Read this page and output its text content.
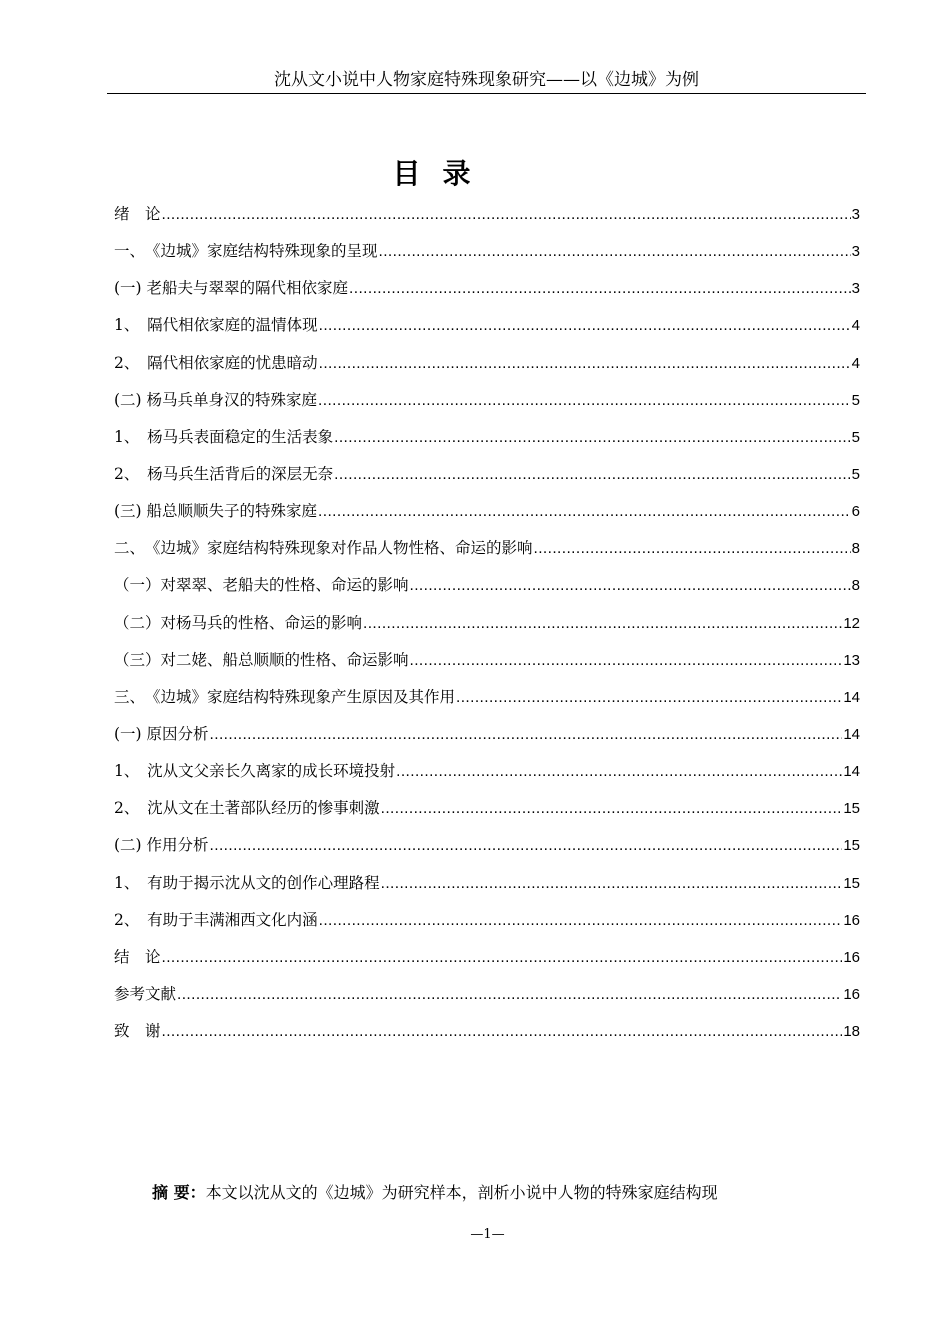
沈从文小说中人物家庭特殊现象研究——以《边城》为例
目录
绪　论 .....	3
一、　《边城》家庭结构特殊现象的呈现 .....	3
(一) 老船夫与翠翠的隔代相依家庭 .....	3
1、　隔代相依家庭的温情体现 .....	4
2、　隔代相依家庭的忧患暗动 .....	4
(二) 杨马兵单身汉的特殊家庭 .....	5
1、　杨马兵表面稳定的生活表象 .....	5
2、　杨马兵生活背后的深层无奈 .....	5
(三) 船总顺顺失子的特殊家庭 .....	6
二、　《边城》家庭结构特殊现象对作品人物性格、命运的影响 .....	8
（一）对翠翠、老船夫的性格、命运的影响 .....	8
（二）对杨马兵的性格、命运的影响 .....	12
（三）对二姥、船总顺顺的性格、命运影响 .....	13
三、　《边城》家庭结构特殊现象产生原因及其作用 .....	14
(一) 原因分析 .....	14
1、　沈从文父亲长久离家的成长环境投射 .....	14
2、　沈从文在土著部队经历的惨事刺激 .....	15
(二) 作用分析 .....	15
1、　有助于揭示沈从文的创作心理路程 .....	15
2、　有助于丰满湘西文化内涵 .....	16
结　论 .....	16
参考文献 .....	16
致　谢 .....	18
摘 要：本文以沈从文的《边城》为研究样本，剖析小说中人物的特殊家庭结构现
—1—
